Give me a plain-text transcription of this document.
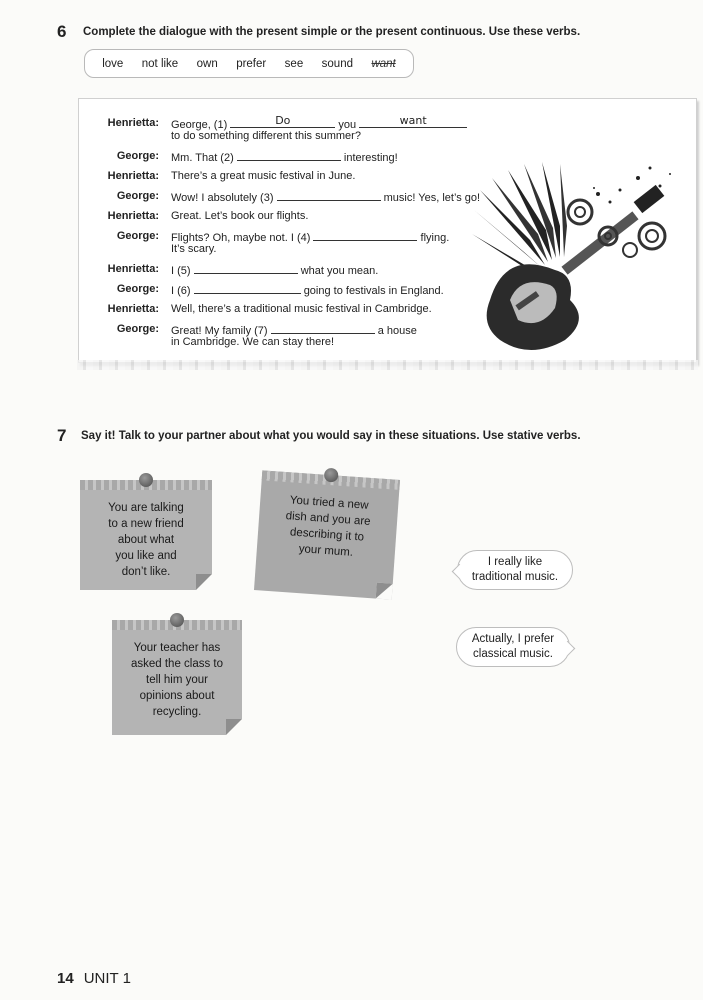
6 Complete the dialogue with the present simple or the present continuous. Use these verbs.
love not like own prefer see sound want
Henrietta: George, (1)	Do	you	want
to do something different this summer?
George: Mm. That (2)	interesting!
Henrietta: There’s a great music festival in June.
George: Wow! I absolutely (3)	music! Yes, let’s go!
Henrietta: Great. Let’s book our flights.
George: Flights? Oh, maybe not. I (4)	flying.
It’s scary.
Henrietta: I (5)	what you mean.
George: I (6)	going to festivals in England.
Henrietta: Well, there’s a traditional music festival in Cambridge.
George: Great! My family (7)	a house
in Cambridge. We can stay there!
7 Say it! Talk to your partner about what you would say in these situations. Use stative verbs.
You are talking
to a new friend
about what
you like and
don’t like.
You tried a new
dish and you are
describing it to
your mum.
Your teacher has
asked the class to
tell him your
opinions about
recycling.
I really like
traditional music.
Actually, I prefer
classical music.
14 UNIT 1
